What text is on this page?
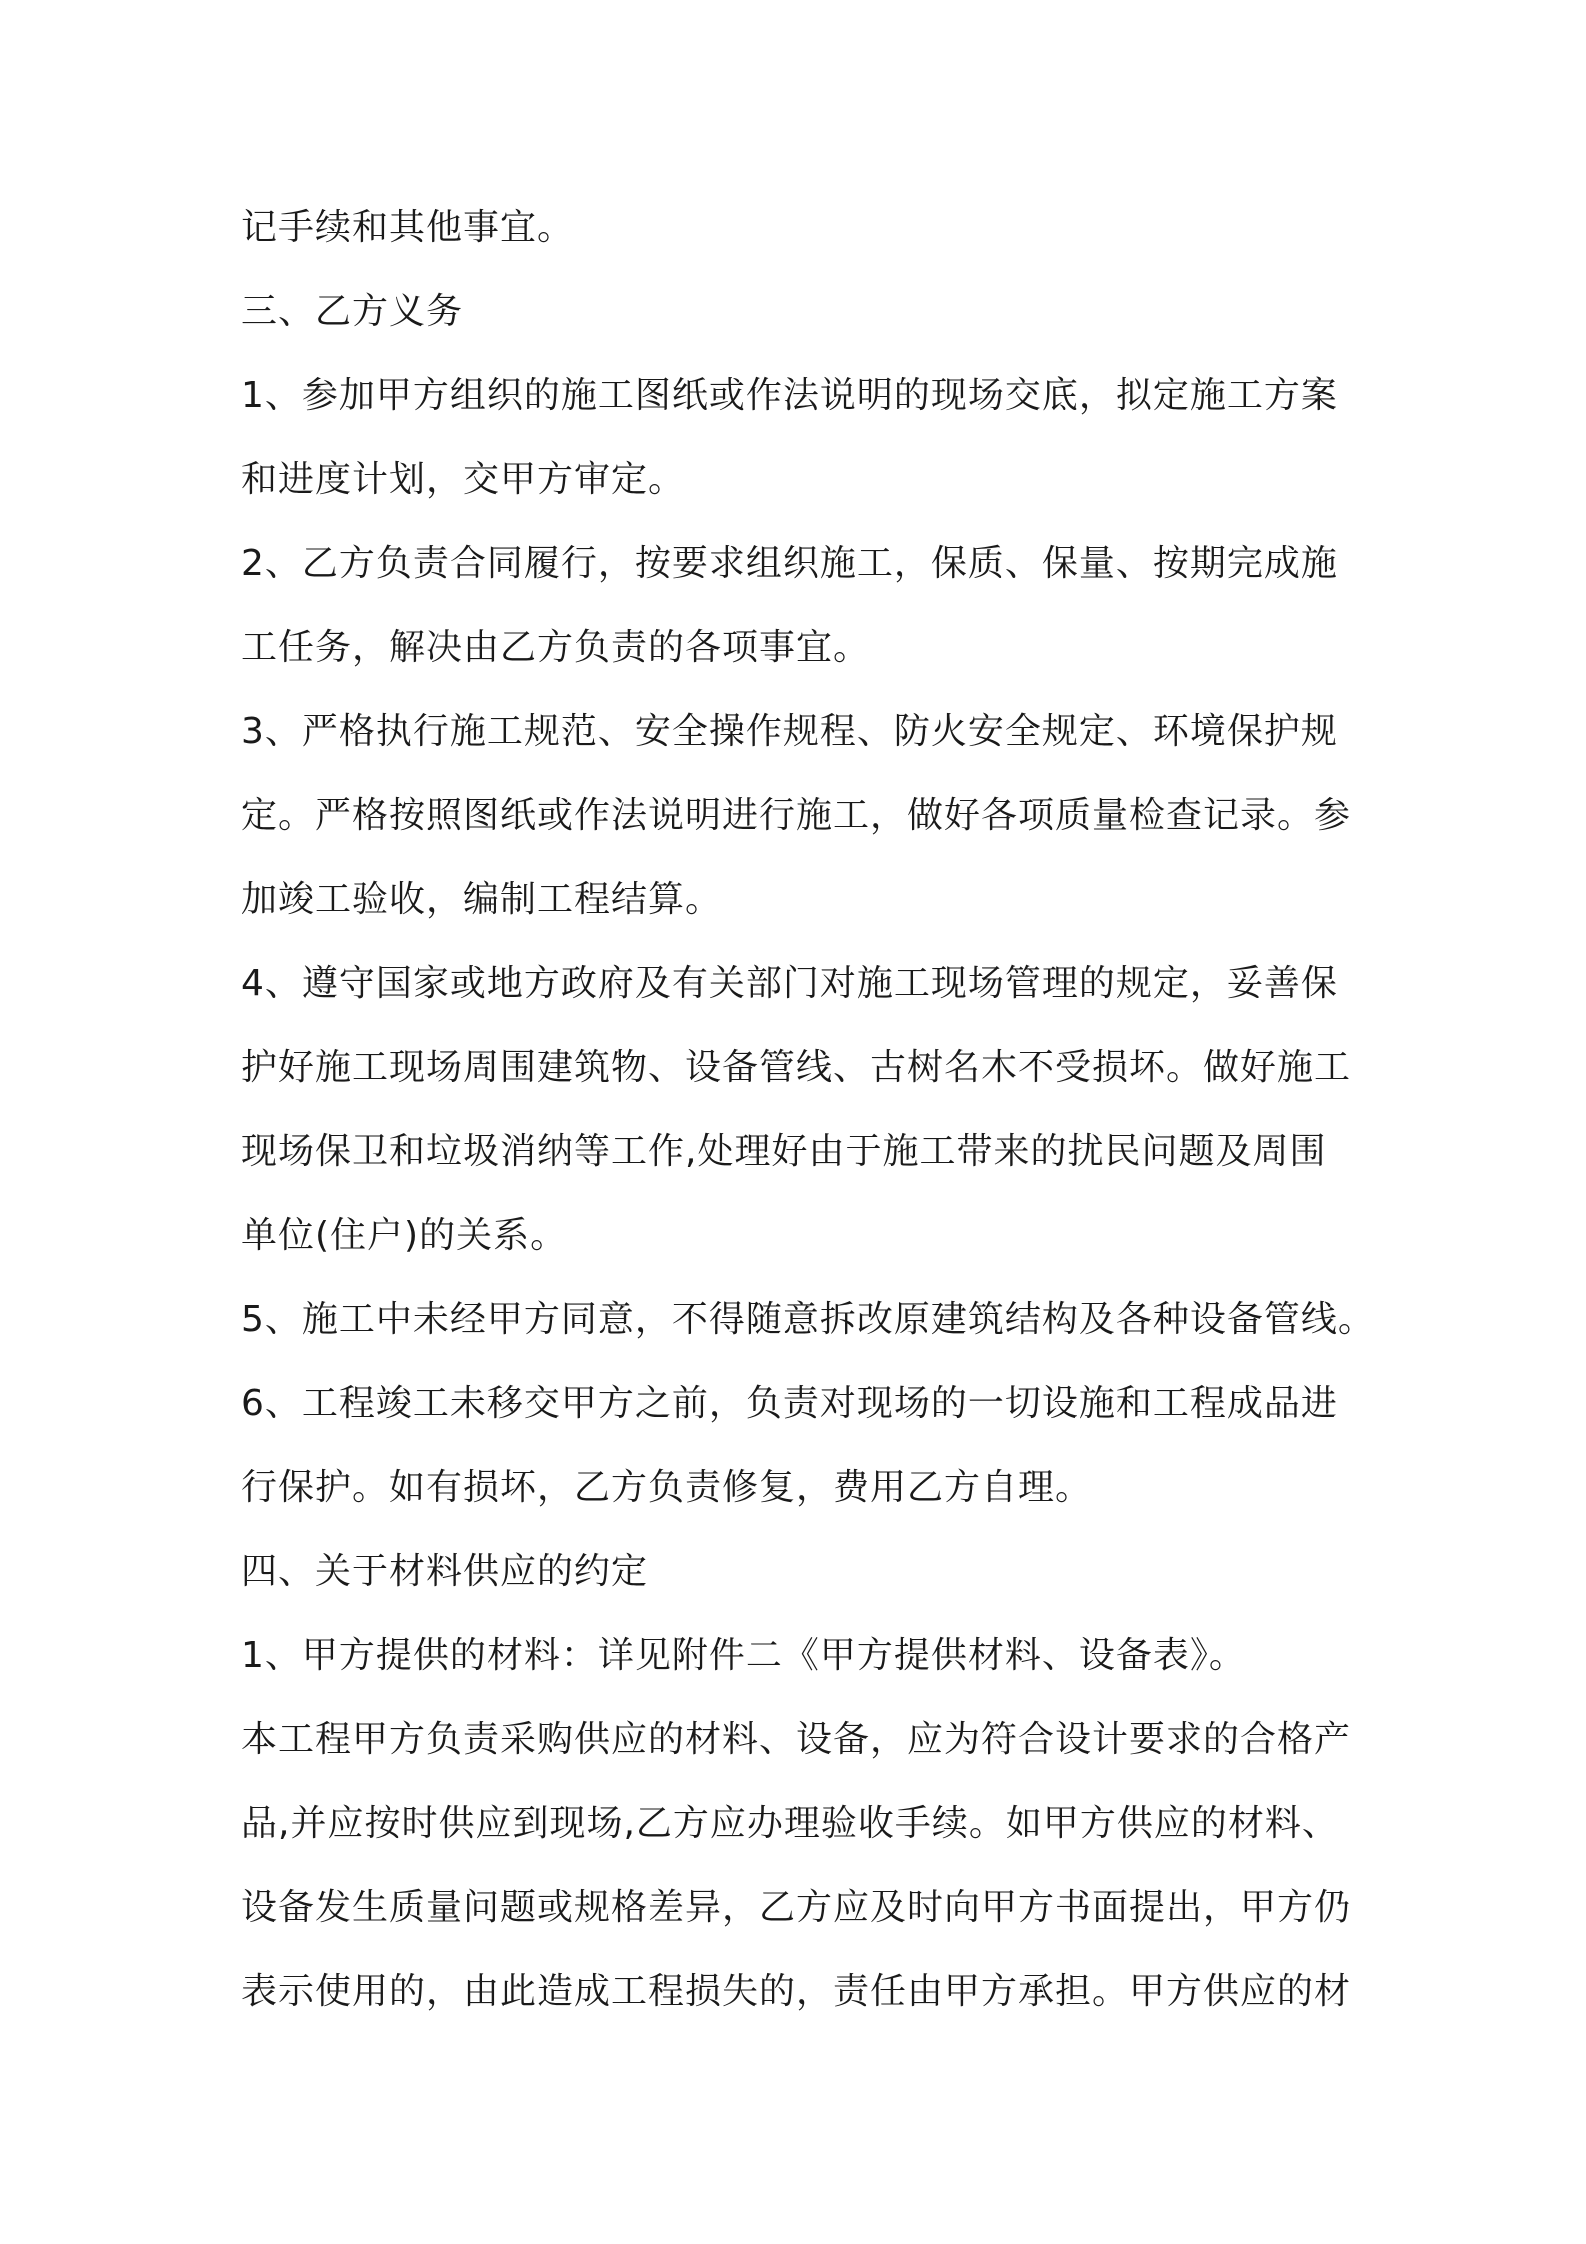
记手续和其他事宜。
三、乙方义务
1、参加甲方组织的施工图纸或作法说明的现场交底，拟定施工方案
和进度计划，交甲方审定。
2、乙方负责合同履行，按要求组织施工，保质、保量、按期完成施
工任务，解决由乙方负责的各项事宜。
3、严格执行施工规范、安全操作规程、防火安全规定、环境保护规
定。严格按照图纸或作法说明进行施工，做好各项质量检查记录。参
加竣工验收，编制工程结算。
4、遵守国家或地方政府及有关部门对施工现场管理的规定，妥善保
护好施工现场周围建筑物、设备管线、古树名木不受损坏。做好施工
现场保卫和垃圾消纳等工作,处理好由于施工带来的扰民问题及周围
单位(住户)的关系。
5、施工中未经甲方同意，不得随意拆改原建筑结构及各种设备管线。
6、工程竣工未移交甲方之前，负责对现场的一切设施和工程成品进
行保护。如有损坏，乙方负责修复，费用乙方自理。
四、关于材料供应的约定
1、甲方提供的材料：详见附件二《甲方提供材料、设备表》。
本工程甲方负责采购供应的材料、设备，应为符合设计要求的合格产
品,并应按时供应到现场,乙方应办理验收手续。如甲方供应的材料、
设备发生质量问题或规格差异，乙方应及时向甲方书面提出，甲方仍
表示使用的，由此造成工程损失的，责任由甲方承担。甲方供应的材
